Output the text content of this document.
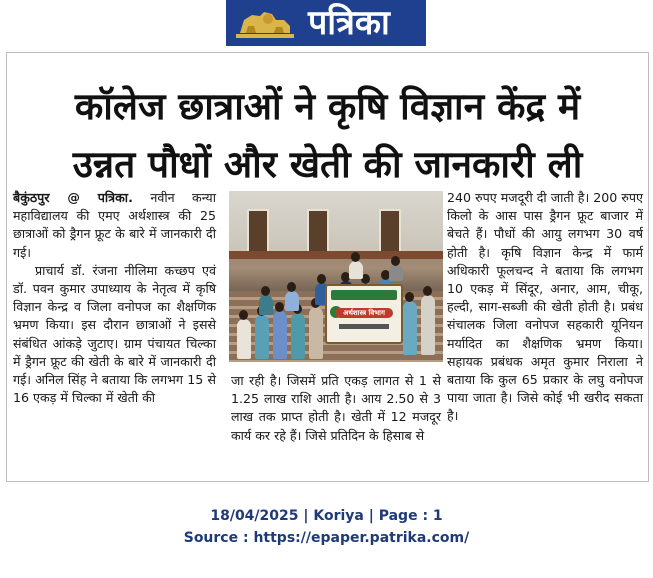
पत्रिका
कॉलेज छात्राओं ने कृषि विज्ञान केंद्र में
उन्नत पौधों और खेती की जानकारी ली

बैकुंठपुर @ पत्रिका. नवीन कन्या महाविद्यालय की एमए अर्थशास्त्र की 25 छात्राओं को ड्रैगन फ्रूट के बारे में जानकारी दी गई।

प्राचार्य डॉ. रंजना नीलिमा कच्छप एवं डॉ. पवन कुमार उपाध्याय के नेतृत्व में कृषि विज्ञान केन्द्र व जिला वनोपज का शैक्षणिक भ्रमण किया। इस दौरान छात्राओं ने इससे संबंधित आंकड़े जुटाए। ग्राम पंचायत चिल्का में ड्रैगन फ्रूट की खेती के बारे में जानकारी दी गई। अनिल सिंह ने बताया कि लगभग 15 से 16 एकड़ में चिल्का में खेती की

अर्थशास्त्र विभाग

जा रही है। जिसमें प्रति एकड़ लागत से 1 से 1.25 लाख राशि आती है। आय 2.50 से 3 लाख तक प्राप्त होती है। खेती में 12 मजदूर कार्य कर रहे हैं। जिसे प्रतिदिन के हिसाब से

240 रुपए मजदूरी दी जाती है। 200 रुपए किलो के आस पास ड्रैगन फ्रूट बाजार में बेचते हैं। पौधों की आयु लगभग 30 वर्ष होती है। कृषि विज्ञान केन्द्र में फार्म अधिकारी फूलचन्द ने बताया कि लगभग 10 एकड़ में सिंदूर, अनार, आम, चीकू, हल्दी, साग-सब्जी की खेती होती है। प्रबंध संचालक जिला वनोपज सहकारी यूनियन मर्यादित का शैक्षणिक भ्रमण किया। सहायक प्रबंधक अमृत कुमार निराला ने बताया कि कुल 65 प्रकार के लघु वनोपज पाया जाता है। जिसे कोई भी खरीद सकता है।

18/04/2025 | Koriya | Page : 1
Source : https://epaper.patrika.com/
